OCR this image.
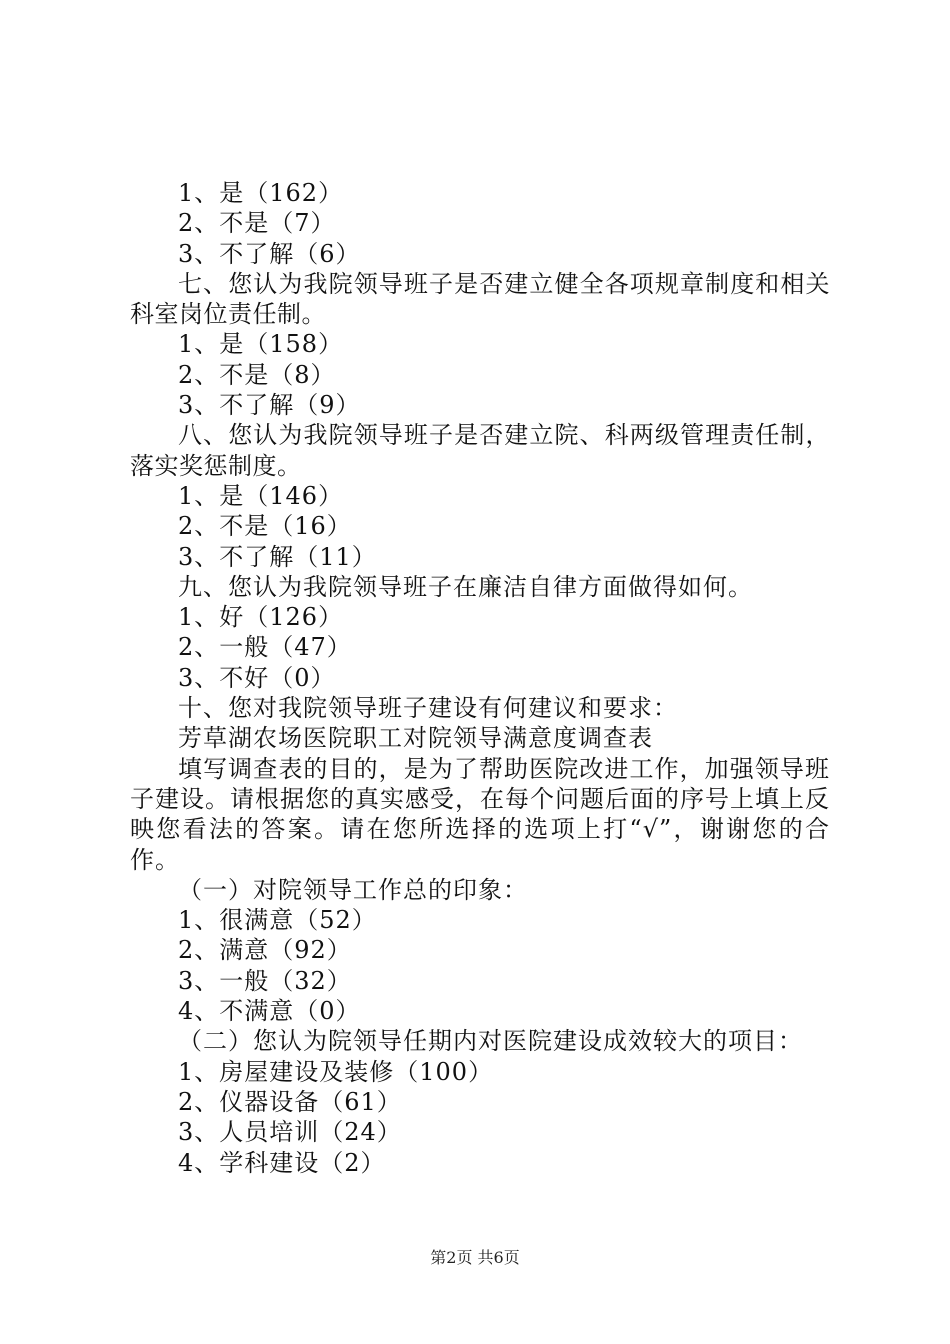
1、是（162）
2、不是（7）
3、不了解（6）
七、您认为我院领导班子是否建立健全各项规章制度和相关科室岗位责任制。
1、是（158）
2、不是（8）
3、不了解（9）
八、您认为我院领导班子是否建立院、科两级管理责任制，落实奖惩制度。
1、是（146）
2、不是（16）
3、不了解（11）
九、您认为我院领导班子在廉洁自律方面做得如何。
1、好（126）
2、一般（47）
3、不好（0）
十、您对我院领导班子建设有何建议和要求：
芳草湖农场医院职工对院领导满意度调查表
填写调查表的目的，是为了帮助医院改进工作，加强领导班子建设。请根据您的真实感受，在每个问题后面的序号上填上反映您看法的答案。请在您所选择的选项上打“√”，谢谢您的合作。
（一）对院领导工作总的印象：
1、很满意（52）
2、满意（92）
3、一般（32）
4、不满意（0）
（二）您认为院领导任期内对医院建设成效较大的项目：
1、房屋建设及装修（100）
2、仪器设备（61）
3、人员培训（24）
4、学科建设（2）
第2页 共6页
